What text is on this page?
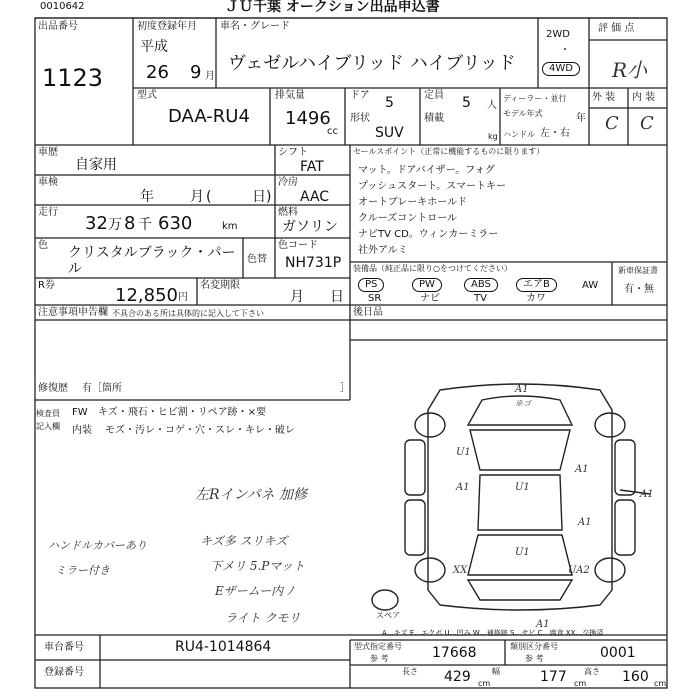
0010642	ＪＵ千葉 オークション出品申込書
出品番号
1123
初度登録年月
平成
26 9 月
車名・グレード
ヴェゼルハイブリッド ハイブリッド
2WD
・
4WD
評 価 点
R小
外 装 内 装
C C
型式
DAA-RU4
排気量
1496
cc
ドア 5	定員 5 人
ディーラー・並行
モデル年式	年
形状
SUV
積載
kg ハンドル 左・右
車歴
自家用
シフト
FAT
車検
年	月 (	日 )
冷房
AAC
走行
32 万 8 千 630	km
燃料
ガソリン
色 クリスタルブラック・パー
ル
色替
色コード
NH731P
R券	12,850 円
名変期限
月 日
注意事項申告欄 不具合のある所は具体的に記入して下さい
修復歴 有［箇所	］
セールスポイント（正常に機能するものに限ります）
マット。ドアバイザー。フォグ
プッシュスタート。スマートキー
オートブレーキホールド
クルーズコントロール
ナビTV CD。ウィンカーミラー
社外アルミ
装備品（純正品に限り○をつけてください）
PS	PW	ABS	エアB	AW
SR	ナビ	TV	カワ
新車保証書
有・無
後日品
検査員
記入欄
FW キズ・飛石・ヒビ割・リペア跡・×要
内装 モズ・汚レ・コゲ・穴・スレ・キレ・破レ
ハンドルカバーあり
ミラー付き
左Rインパネ 加修
キズ多 スリキズ
下メリ 5.Pマット
Eザームー内 ﾉ
ライト クモリ
A1
※ゴ
U1
U1
A1
A1
A1
A1
XX	UA2
A1
U1
スペア
A…キズ E…エクボ U…凹み W…補修跡 S…サビ C…腐食 XX…交換済
車台番号	RU4-1014864
登録番号
型式指定番号
参 考	17668	類別区分番号
参 考	0001
長さ 429 cm
幅	177 cm
高さ 160 cm
